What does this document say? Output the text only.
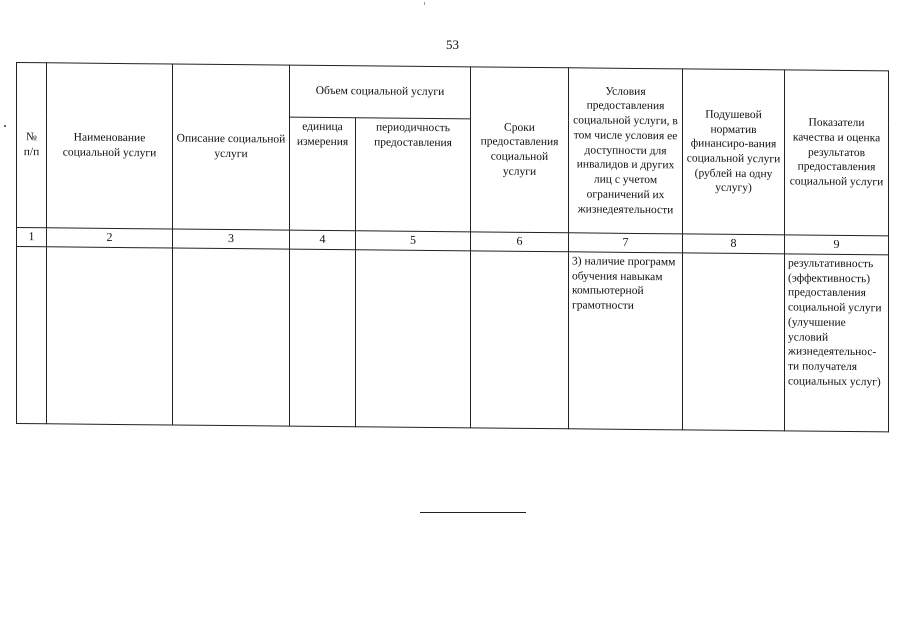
53
№ п/п	Наименование социальной услуги	Описание социальной услуги	Объем социальной услуги		Сроки предоставления социальной услуги	Условия предоставления социальной услуги, в том числе условия ее доступности для инвалидов и других лиц с учетом ограничений их жизнедеятельности	Подушевой норматив финансиро-вания социальной услуги (рублей на одну услугу)	Показатели качества и оценка результатов предоставления социальной услуги
			единица измерения	периодичность предоставления				
1	2	3	4	5	6	7	8	9
						3) наличие программ обучения навыкам компьютерной грамотности		результативность (эффективность) предоставления социальной услуги (улучшение условий жизнедеятельнос-ти получателя социальных услуг)
